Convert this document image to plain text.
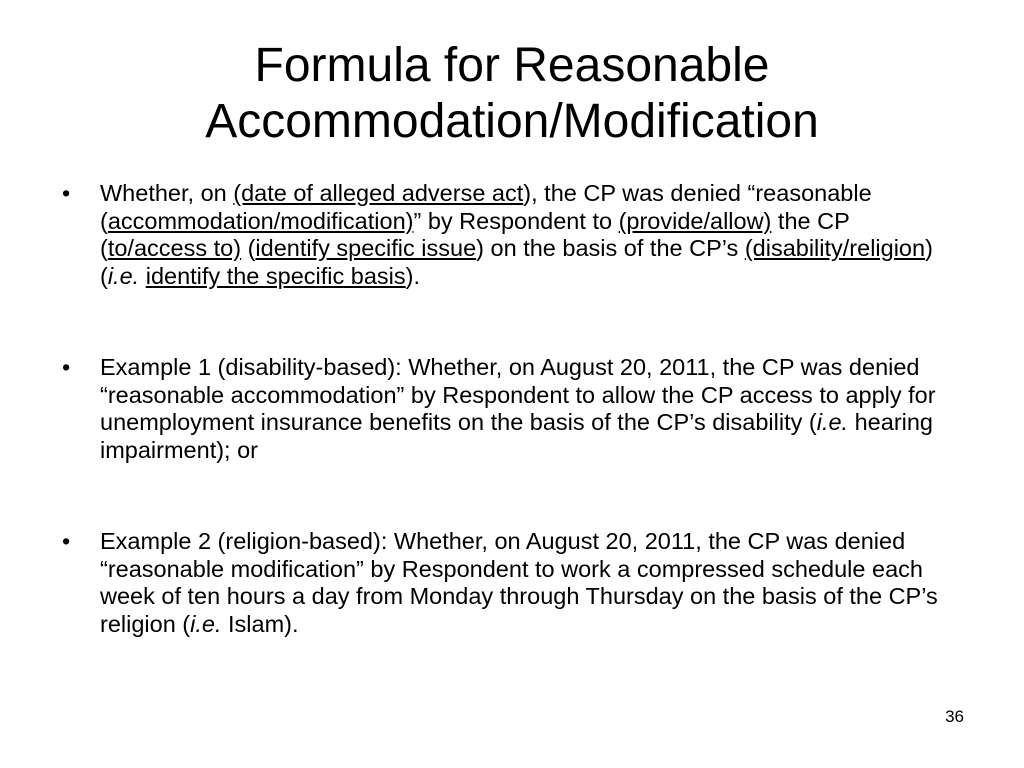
Formula for Reasonable
Accommodation/Modification
• Whether, on (date of alleged adverse act), the CP was denied “reasonable (accommodation/modification)” by Respondent to (provide/allow) the CP (to/access to) (identify specific issue) on the basis of the CP’s (disability/religion) (i.e. identify the specific basis).
• Example 1 (disability-based): Whether, on August 20, 2011, the CP was denied “reasonable accommodation” by Respondent to allow the CP access to apply for unemployment insurance benefits on the basis of the CP’s disability (i.e. hearing impairment); or
• Example 2 (religion-based): Whether, on August 20, 2011, the CP was denied “reasonable modification” by Respondent to work a compressed schedule each week of ten hours a day from Monday through Thursday on the basis of the CP’s religion (i.e. Islam).
36
